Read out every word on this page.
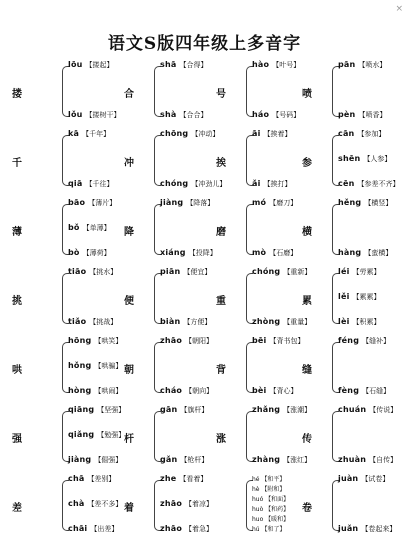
×
语文S版四年级上多音字
搂
lōu 【搂起】
lǒu 【搂树干】
合
shā 【合得】
shà 【合合】
号
hào 【叶号】
háo 【号码】
喷
pān 【喷水】
pèn 【喷香】
千
kā 【千年】
qiā 【千往】
冲
chōng 【冲动】
chóng 【冲劲儿】
挨
āi 【挨着】
ǎi 【挨打】
参
cān 【参加】
shēn 【人参】
cēn 【参差不齐】
薄
bāo 【薄片】
bǒ 【单薄】
bò 【薄荷】
降
jiàng 【降落】
xiáng 【投降】
磨
mó 【磨刀】
mò 【石磨】
横
hěng 【横竖】
hàng 【蛮横】
挑
tiāo 【挑水】
tiǎo 【挑战】
便
piān 【便宜】
biàn 【方便】
重
chóng 【重新】
zhòng 【重量】
累
léi 【劳累】
lěi 【累累】
lèi 【积累】
哄
hōng 【哄笑】
hǒng 【哄骗】
hòng 【哄闹】
朝
zhāo 【朝阳】
cháo 【朝向】
背
bēi 【背书包】
bèi 【背心】
缝
féng 【缝补】
fèng 【石缝】
强
qiāng 【坚强】
qiǎng 【勉强】
jiàng 【倔强】
杆
gān 【旗杆】
gǎn 【枪杆】
涨
zhǎng 【涨潮】
zhàng 【涨红】
传
chuán 【传说】
zhuàn 【自传】
差
chā 【差别】
chà 【差不多】
chāi 【出差】
着
zhe 【看着】
zhāo 【着凉】
zhāo 【着急】
hé 【和平】
hè 【附和】
huó 【和面】
huò 【和药】
huo 【暖和】
hú 【和了】
卷
juàn 【试卷】
juǎn 【卷起来】
